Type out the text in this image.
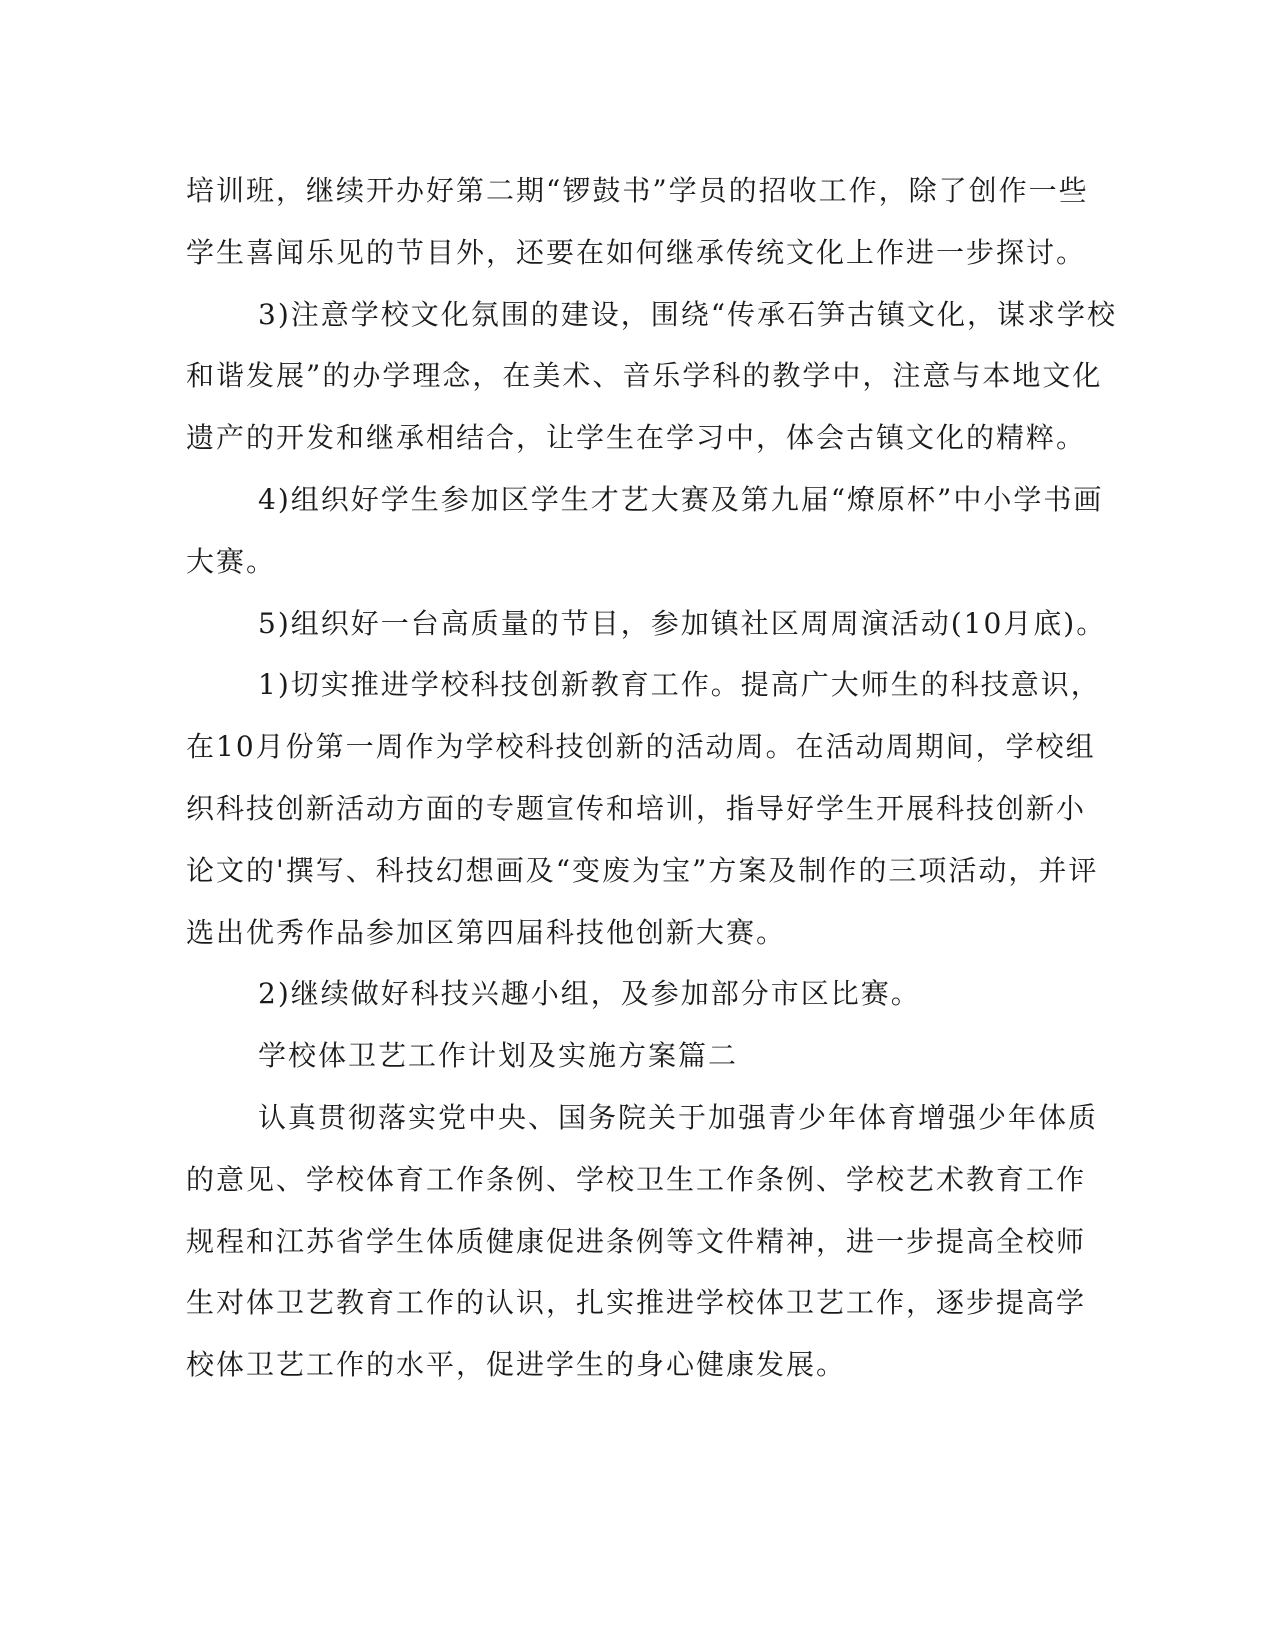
培训班，继续开办好第二期“锣鼓书”学员的招收工作，除了创作一些
学生喜闻乐见的节目外，还要在如何继承传统文化上作进一步探讨。

3)注意学校文化氛围的建设，围绕“传承石笋古镇文化，谋求学校
和谐发展”的办学理念，在美术、音乐学科的教学中，注意与本地文化
遗产的开发和继承相结合，让学生在学习中，体会古镇文化的精粹。

4)组织好学生参加区学生才艺大赛及第九届“燎原杯”中小学书画
大赛。

5)组织好一台高质量的节目，参加镇社区周周演活动(10月底)。

1)切实推进学校科技创新教育工作。提高广大师生的科技意识，
在10月份第一周作为学校科技创新的活动周。在活动周期间，学校组
织科技创新活动方面的专题宣传和培训，指导好学生开展科技创新小
论文的'撰写、科技幻想画及“变废为宝”方案及制作的三项活动，并评
选出优秀作品参加区第四届科技他创新大赛。

2)继续做好科技兴趣小组，及参加部分市区比赛。

学校体卫艺工作计划及实施方案篇二

认真贯彻落实党中央、国务院关于加强青少年体育增强少年体质
的意见、学校体育工作条例、学校卫生工作条例、学校艺术教育工作
规程和江苏省学生体质健康促进条例等文件精神，进一步提高全校师
生对体卫艺教育工作的认识，扎实推进学校体卫艺工作，逐步提高学
校体卫艺工作的水平，促进学生的身心健康发展。
